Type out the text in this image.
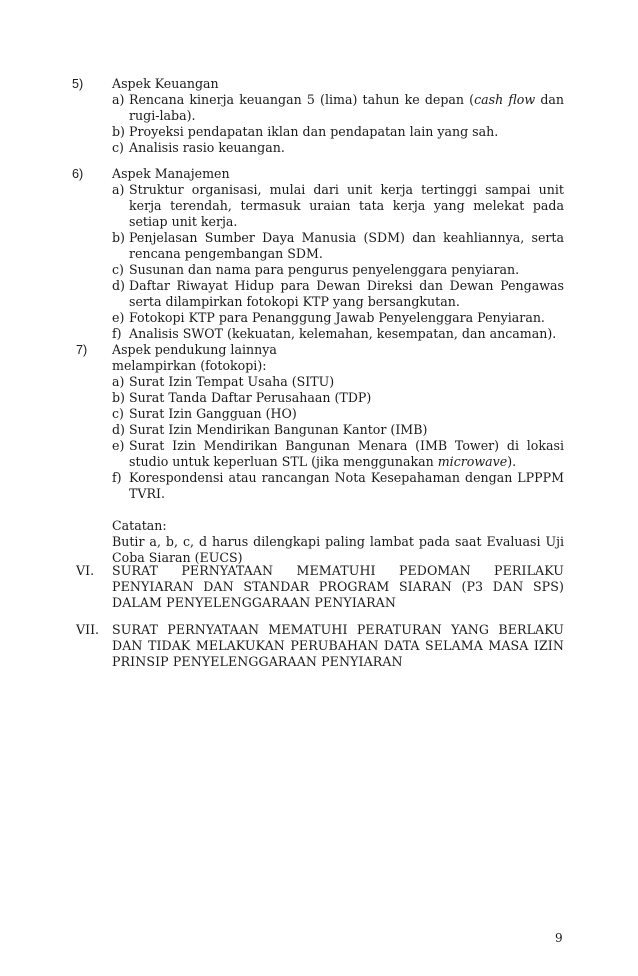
5) Aspek Keuangan
a) Rencana kinerja keuangan 5 (lima) tahun ke depan (cash flow dan rugi-laba).
b) Proyeksi pendapatan iklan dan pendapatan lain yang sah.
c) Analisis rasio keuangan.
6) Aspek Manajemen
a) Struktur organisasi, mulai dari unit kerja tertinggi sampai unit kerja terendah, termasuk uraian tata kerja yang melekat pada setiap unit kerja.
b) Penjelasan Sumber Daya Manusia (SDM) dan keahliannya, serta rencana pengembangan SDM.
c) Susunan dan nama para pengurus penyelenggara penyiaran.
d) Daftar Riwayat Hidup para Dewan Direksi dan Dewan Pengawas serta dilampirkan fotokopi KTP yang bersangkutan.
e) Fotokopi KTP para Penanggung Jawab Penyelenggara Penyiaran.
f) Analisis SWOT (kekuatan, kelemahan, kesempatan, dan ancaman).
7) Aspek pendukung lainnya
melampirkan (fotokopi):
a) Surat Izin Tempat Usaha (SITU)
b) Surat Tanda Daftar Perusahaan (TDP)
c) Surat Izin Gangguan (HO)
d) Surat Izin Mendirikan Bangunan Kantor (IMB)
e) Surat Izin Mendirikan Bangunan Menara (IMB Tower) di lokasi studio untuk keperluan STL (jika menggunakan microwave).
f) Korespondensi atau rancangan Nota Kesepahaman dengan LPPPM TVRI.
Catatan:
Butir a, b, c, d harus dilengkapi paling lambat pada saat Evaluasi Uji Coba Siaran (EUCS)
VI. SURAT PERNYATAAN MEMATUHI PEDOMAN PERILAKU PENYIARAN DAN STANDAR PROGRAM SIARAN (P3 DAN SPS) DALAM PENYELENGGARAAN PENYIARAN
VII. SURAT PERNYATAAN MEMATUHI PERATURAN YANG BERLAKU DAN TIDAK MELAKUKAN PERUBAHAN DATA SELAMA MASA IZIN PRINSIP PENYELENGGARAAN PENYIARAN
9
